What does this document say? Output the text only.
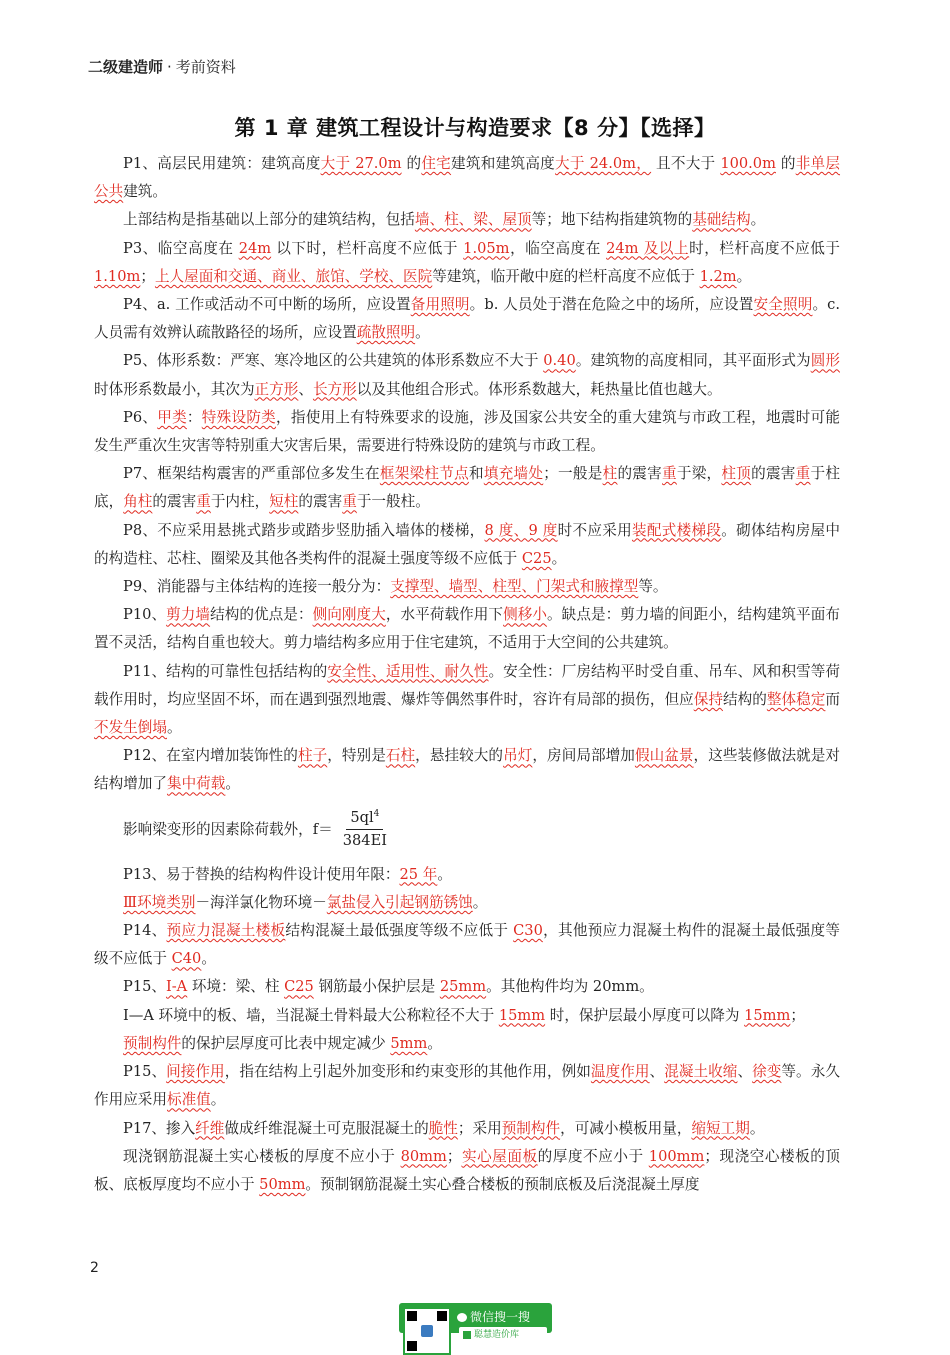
二级建造师 · 考前资料
第 1 章 建筑工程设计与构造要求【8 分】【选择】

P1、高层民用建筑：建筑高度大于 27.0m 的住宅建筑和建筑高度大于 24.0m， 且不大于 100.0m 的非单层公共建筑。

上部结构是指基础以上部分的建筑结构，包括墙、柱、梁、屋顶等；地下结构指建筑物的基础结构。

P3、临空高度在 24m 以下时，栏杆高度不应低于 1.05m，临空高度在 24m 及以上时，栏杆高度不应低于 1.10m；上人屋面和交通、商业、旅馆、学校、医院等建筑，临开敞中庭的栏杆高度不应低于 1.2m。

P4、a. 工作或活动不可中断的场所，应设置备用照明。b. 人员处于潜在危险之中的场所，应设置安全照明。c. 人员需有效辨认疏散路径的场所，应设置疏散照明。

P5、体形系数：严寒、寒冷地区的公共建筑的体形系数应不大于 0.40。建筑物的高度相同，其平面形式为圆形时体形系数最小，其次为正方形、长方形以及其他组合形式。体形系数越大，耗热量比值也越大。

P6、甲类：特殊设防类，指使用上有特殊要求的设施，涉及国家公共安全的重大建筑与市政工程，地震时可能发生严重次生灾害等特别重大灾害后果，需要进行特殊设防的建筑与市政工程。

P7、框架结构震害的严重部位多发生在框架梁柱节点和填充墙处；一般是柱的震害重于梁，柱顶的震害重于柱底，角柱的震害重于内柱，短柱的震害重于一般柱。

P8、不应采用悬挑式踏步或踏步竖肋插入墙体的楼梯，8 度、9 度时不应采用装配式楼梯段。砌体结构房屋中的构造柱、芯柱、圈梁及其他各类构件的混凝土强度等级不应低于 C25。

P9、消能器与主体结构的连接一般分为：支撑型、墙型、柱型、门架式和腋撑型等。

P10、剪力墙结构的优点是：侧向刚度大，水平荷载作用下侧移小。缺点是：剪力墙的间距小，结构建筑平面布置不灵活，结构自重也较大。剪力墙结构多应用于住宅建筑，不适用于大空间的公共建筑。

P11、结构的可靠性包括结构的安全性、适用性、耐久性。安全性：厂房结构平时受自重、吊车、风和积雪等荷载作用时，均应坚固不坏，而在遇到强烈地震、爆炸等偶然事件时，容许有局部的损伤，但应保持结构的整体稳定而不发生倒塌。

P12、在室内增加装饰性的柱子，特别是石柱，悬挂较大的吊灯，房间局部增加假山盆景，这些装修做法就是对结构增加了集中荷载。

影响梁变形的因素除荷载外， $f= \frac{5ql^4}{384EI}$

P13、易于替换的结构构件设计使用年限：25 年。

Ⅲ环境类别－海洋氯化物环境－氯盐侵入引起钢筋锈蚀。

P14、预应力混凝土楼板结构混凝土最低强度等级不应低于 C30，其他预应力混凝土构件的混凝土最低强度等级不应低于 C40。

P15、I-A 环境：梁、柱 C25 钢筋最小保护层是 25mm。其他构件均为 20mm。

Ⅰ—A 环境中的板、墙，当混凝土骨料最大公称粒径不大于 15mm 时，保护层最小厚度可以降为 15mm；

预制构件的保护层厚度可比表中规定减少 5mm。

P15、间接作用，指在结构上引起外加变形和约束变形的其他作用，例如温度作用、混凝土收缩、徐变等。永久作用应采用标准值。

P17、掺入纤维做成纤维混凝土可克服混凝土的脆性；采用预制构件，可减小模板用量，缩短工期。

现浇钢筋混凝土实心楼板的厚度不应小于 80mm；实心屋面板的厚度不应小于 100mm；现浇空心楼板的顶板、底板厚度均不应小于 50mm。预制钢筋混凝土实心叠合楼板的预制底板及后浇混凝土厚度

2
微信搜一搜
聪慧造价库
